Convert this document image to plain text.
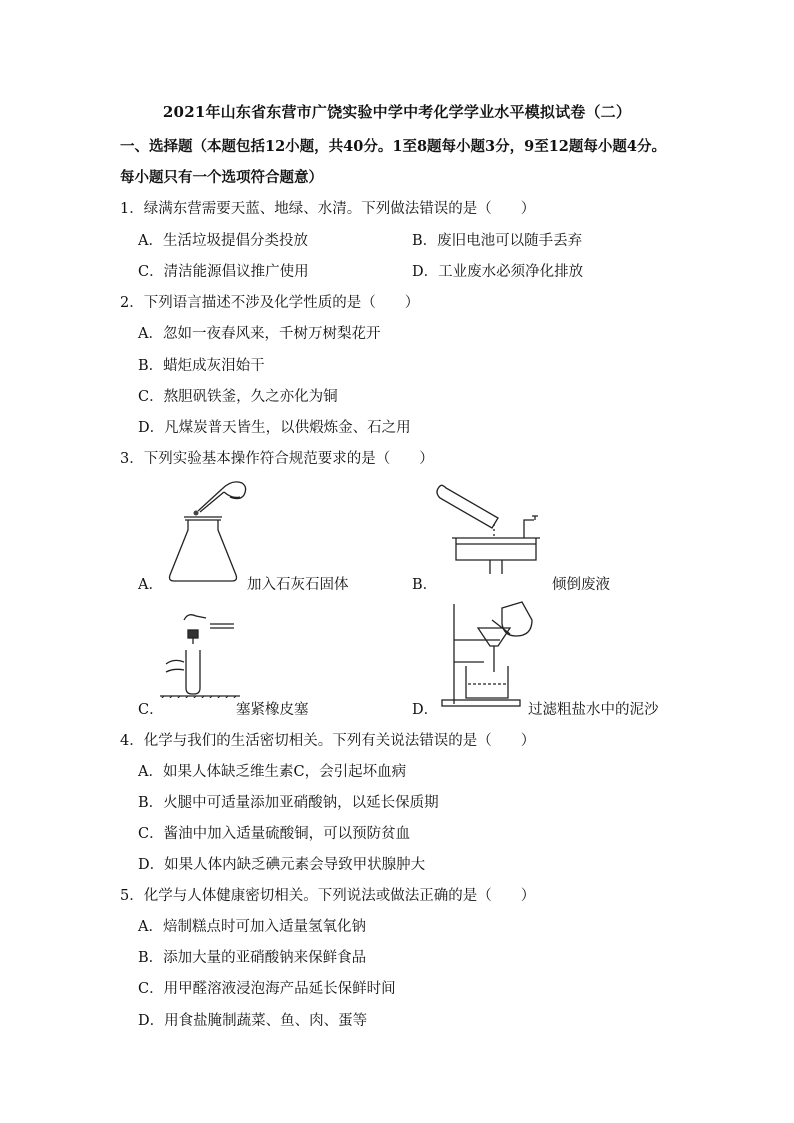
2021年山东省东营市广饶实验中学中考化学学业水平模拟试卷（二）
一、选择题（本题包括12小题，共40分。1至8题每小题3分，9至12题每小题4分。
每小题只有一个选项符合题意）
1．绿满东营需要天蓝、地绿、水清。下列做法错误的是（　　）
A．生活垃圾提倡分类投放	B．废旧电池可以随手丢弃
C．清洁能源倡议推广使用	D．工业废水必须净化排放
2．下列语言描述不涉及化学性质的是（　　）
A．忽如一夜春风来，千树万树梨花开
B．蜡炬成灰泪始干
C．熬胆矾铁釜，久之亦化为铜
D．凡煤炭普天皆生，以供煅炼金、石之用
3．下列实验基本操作符合规范要求的是（　　）
A．	加入石灰石固体	B．	倾倒废液
C．	塞紧橡皮塞	D．	过滤粗盐水中的泥沙
4．化学与我们的生活密切相关。下列有关说法错误的是（　　）
A．如果人体缺乏维生素C，会引起坏血病
B．火腿中可适量添加亚硝酸钠，以延长保质期
C．酱油中加入适量硫酸铜，可以预防贫血
D．如果人体内缺乏碘元素会导致甲状腺肿大
5．化学与人体健康密切相关。下列说法或做法正确的是（　　）
A．焙制糕点时可加入适量氢氧化钠
B．添加大量的亚硝酸钠来保鲜食品
C．用甲醛溶液浸泡海产品延长保鲜时间
D．用食盐腌制蔬菜、鱼、肉、蛋等
